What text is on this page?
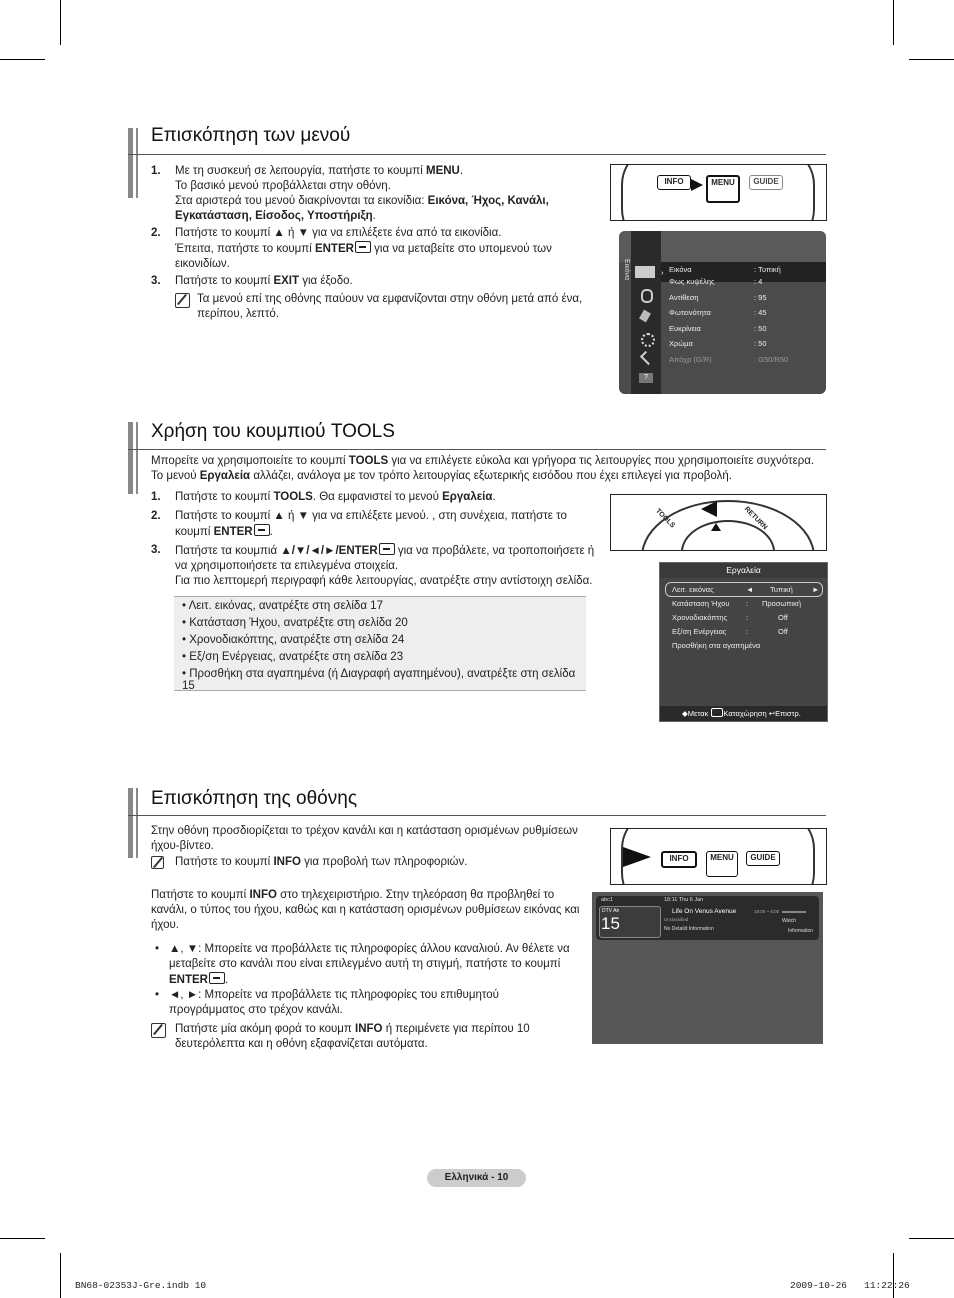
Επισκόπηση των μενού
1. Με τη συσκευή σε λειτουργία, πατήστε το κουμπί MENU.
Το βασικό μενού προβάλλεται στην οθόνη.
Στα αριστερά του μενού διακρίνονται τα εικονίδια: Εικόνα, Ήχος, Κανάλι, Εγκατάσταση, Είσοδος, Υποστήριξη.
2. Πατήστε το κουμπί ▲ ή ▼ για να επιλέξετε ένα από τα εικονίδια.
Έπειτα, πατήστε το κουμπί ENTER για να μεταβείτε στο υπομενού των εικονιδίων.
3. Πατήστε το κουμπί EXIT για έξοδο.
Τα μενού επί της οθόνης παύουν να εμφανίζονται στην οθόνη μετά από ένα, περίπου, λεπτό.
INFO	MENU	GUIDE
Εικόνα
?
› Εικόνα	: Τυπική
Φως κυψέλης	: 4
Αντίθεση	: 95
Φωτεινότητα	: 45
Ευκρίνεια	: 50
Χρώμα	: 50
Απόχρ (G/R)	: G50/R50
Χρήση του κουμπιού TOOLS
Μπορείτε να χρησιμοποιείτε το κουμπί TOOLS για να επιλέγετε εύκολα και γρήγορα τις λειτουργίες που χρησιμοποιείτε συχνότερα.
Το μενού Εργαλεία αλλάζει, ανάλογα με τον τρόπο λειτουργίας εξωτερικής εισόδου που έχει επιλεγεί για προβολή.
1. Πατήστε το κουμπί TOOLS. Θα εμφανιστεί το μενού Εργαλεία.
2. Πατήστε το κουμπί ▲ ή ▼ για να επιλέξετε μενού. , στη συνέχεια, πατήστε το κουμπί ENTER .
3. Πατήστε τα κουμπιά ▲/▼/◄/►/ENTER για να προβάλετε, να τροποποιήσετε ή να χρησιμοποιήσετε τα επιλεγμένα στοιχεία.
Για πιο λεπτομερή περιγραφή κάθε λειτουργίας, ανατρέξτε στην αντίστοιχη σελίδα.
• Λειτ. εικόνας, ανατρέξτε στη σελίδα 17
• Κατάσταση Ήχου, ανατρέξτε στη σελίδα 20
• Χρονοδιακόπτης, ανατρέξτε στη σελίδα 24
• Εξ/ση Ενέργειας, ανατρέξτε στη σελίδα 23
• Προσθήκη στα αγαπημένα (ή Διαγραφή αγαπημένου), ανατρέξτε στη σελίδα 15
TOOLS	RETURN
Εργαλεία
◆Μετακ Καταχώρηση ↩Επιστρ.
Λειτ. εικόνας	◄ Τυπική	►
Κατάσταση Ήχου : Προσωπική
Χρονοδιακόπτης	:	Off
Εξ/ση Ενέργειας	:	Off
Προσθήκη στα αγαπημένα
Επισκόπηση της οθόνης
Στην οθόνη προσδιορίζεται το τρέχον κανάλι και η κατάσταση ορισμένων ρυθμίσεων ήχου-βίντεο.
Πατήστε το κουμπί INFO για προβολή των πληροφοριών.
Πατήστε το κουμπί INFO στο τηλεχειριστήριο. Στην τηλεόραση θα προβληθεί το κανάλι, ο τύπος του ήχου, καθώς και η κατάσταση ορισμένων ρυθμίσεων εικόνας και ήχου.
• ▲, ▼: Μπορείτε να προβάλλετε τις πληροφορίες άλλου καναλιού. Αν θέλετε να μεταβείτε στο κανάλι που είναι επιλεγμένο αυτή τη στιγμή, πατήστε το κουμπί ENTER .
• ◄, ►: Μπορείτε να προβάλλετε τις πληροφορίες του επιθυμητού προγράμματος στο τρέχον κανάλι.
Πατήστε μία ακόμη φορά το κουμπ INFO ή περιμένετε για περίπου 10 δευτερόλεπτα και η οθόνη εξαφανίζεται αυτόματα.
INFO	MENU	GUIDE
abc1
DTV Air
15
18:11 Thu 6 Jan
Life On Venus Avenue	18:00 ~ 6:00
Unclassified
No Detaild Information
Watch
Information
Ελληνικά - 10
BN68-02353J-Gre.indb 10	2009-10-26   11:22:26
